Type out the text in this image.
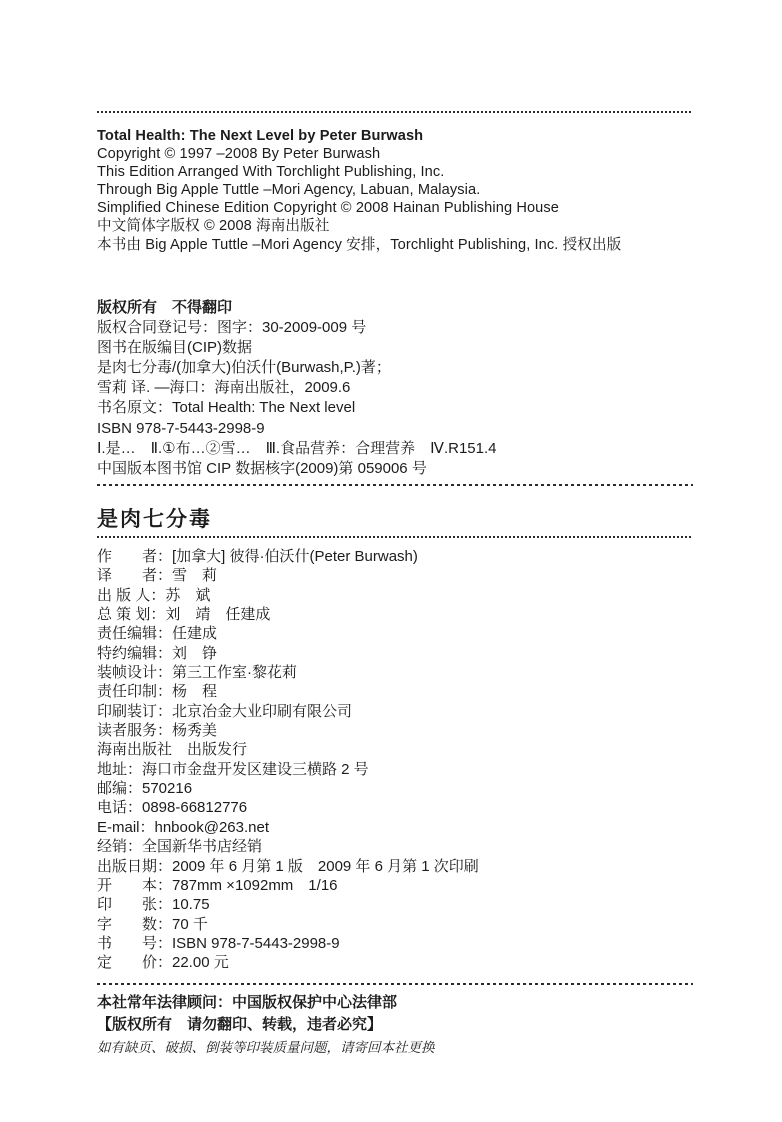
Total Health: The Next Level by Peter Burwash
Copyright © 1997 –2008 By Peter Burwash
This Edition Arranged With Torchlight Publishing, Inc.
Through Big Apple Tuttle –Mori Agency, Labuan, Malaysia.
Simplified Chinese Edition Copyright © 2008 Hainan Publishing House
中文简体字版权 © 2008 海南出版社
本书由 Big Apple Tuttle –Mori Agency 安排，Torchlight Publishing, Inc. 授权出版
版权所有　不得翻印
版权合同登记号：图字：30-2009-009 号
图书在版编目(CIP)数据
是肉七分毒/(加拿大)伯沃什(Burwash,P.)著；
雪莉 译. —海口：海南出版社，2009.6
书名原文：Total Health: The Next level
ISBN 978-7-5443-2998-9
Ⅰ.是…　Ⅱ.①布…②雪…　Ⅲ.食品营养：合理营养　Ⅳ.R151.4
中国版本图书馆 CIP 数据核字(2009)第 059006 号
是肉七分毒
作　　者：[加拿大] 彼得·伯沃什(Peter Burwash)
译　　者：雪　莉
出 版 人：苏　斌
总 策 划：刘　靖　任建成
责任编辑：任建成
特约编辑：刘　铮
装帧设计：第三工作室·黎花莉
责任印制：杨　程
印刷装订：北京冶金大业印刷有限公司
读者服务：杨秀美
海南出版社　出版发行
地址：海口市金盘开发区建设三横路 2 号
邮编：570216
电话：0898-66812776
E-mail：hnbook@263.net
经销：全国新华书店经销
出版日期：2009 年 6 月第 1 版　2009 年 6 月第 1 次印刷
开　　本：787mm ×1092mm　1/16
印　　张：10.75
字　　数：70 千
书　　号：ISBN 978-7-5443-2998-9
定　　价：22.00 元
本社常年法律顾问：中国版权保护中心法律部
【版权所有　请勿翻印、转载，违者必究】
如有缺页、破损、倒装等印装质量问题，请寄回本社更换
